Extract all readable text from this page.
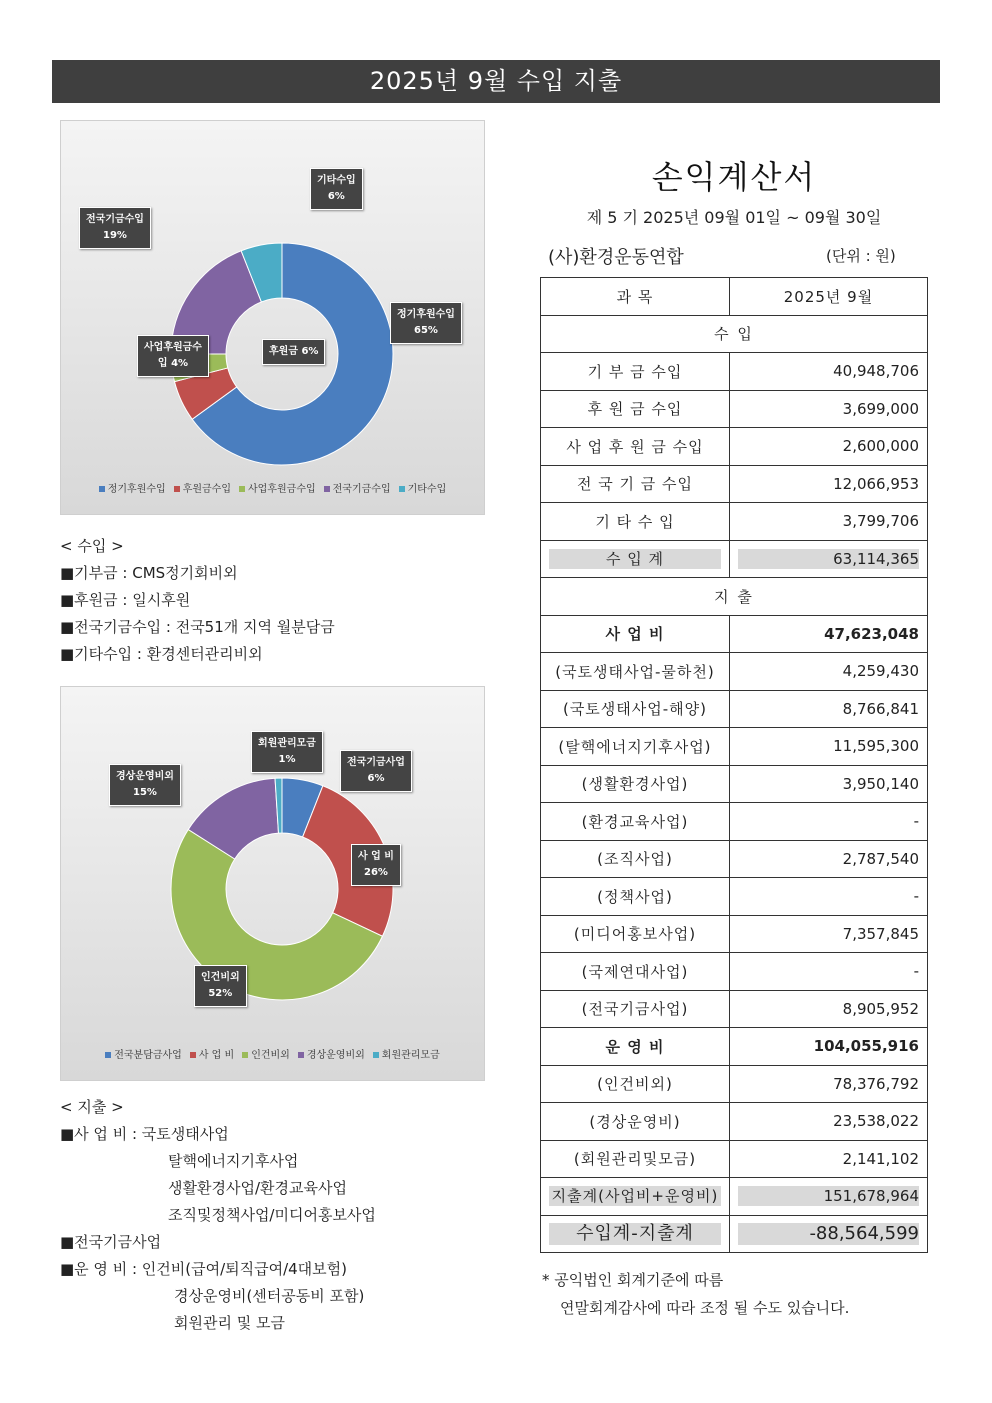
2025년 9월 수입 지출
기타수입
6%
전국기금수입
19%
정기후원수입
65%
사업후원금수
입 4%
후원금 6%
정기후원수입 후원금수입 사업후원금수입 전국기금수입 기타수입
< 수입 >
■기부금 : CMS정기회비외
■후원금 : 일시후원
■전국기금수입 : 전국51개 지역 월분담금
■기타수입 : 환경센터관리비외
회원관리모금
1%	전국기금사업
6%
경상운영비외
15%
사 업 비
26%
인건비외
52%
전국분담금사업 사 업 비 인건비외 경상운영비외 회원관리모금
< 지출 >
■사 업 비 : 국토생태사업
탈핵에너지기후사업
생활환경사업/환경교육사업
조직및정책사업/미디어홍보사업
■전국기금사업
■운 영 비 : 인건비(급여/퇴직급여/4대보험)
경상운영비(센터공동비 포함)
회원관리 및 모금
손익계산서
제 5 기 2025년 09월 01일 ~ 09월 30일
(사)환경운동연합	(단위 : 원)
과 목	2025년 9월
수 입	
기 부 금 수입	40,948,706
후 원 금 수입	3,699,000
사 업 후 원 금 수입	2,600,000
전 국 기 금 수입	12,066,953
기 타 수 입	3,799,706

수 입 계	63,114,365

지 출	
사 업 비	47,623,048
(국토생태사업-물하천)	4,259,430
(국토생태사업-해양)	8,766,841
(탈핵에너지기후사업)	11,595,300
(생활환경사업)	3,950,140
(환경교육사업)	-
(조직사업)	2,787,540
(정책사업)	-
(미디어홍보사업)	7,357,845
(국제연대사업)	-
(전국기금사업)	8,905,952
운 영 비	104,055,916
(인건비외)	78,376,792
(경상운영비)	23,538,022
(회원관리및모금)	2,141,102

지출계(사업비+운영비)	151,678,964

수입계-지출계	-88,564,599
* 공익법인 회계기준에 따름
연말회계감사에 따라 조정 될 수도 있습니다.
